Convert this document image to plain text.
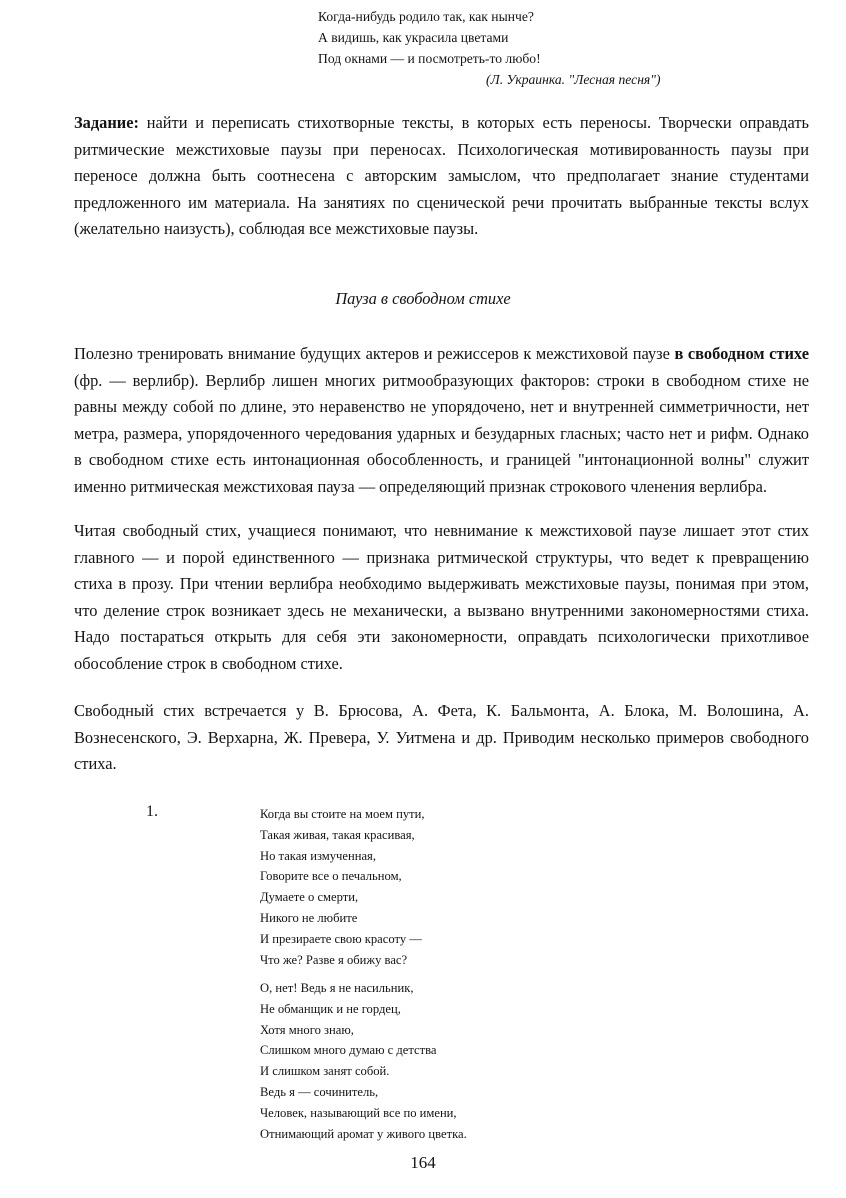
Когда-нибудь родило так, как нынче?
А видишь, как украсила цветами
Под окнами — и посмотреть-то любо!
(Л. Украинка. "Лесная песня")
Задание: найти и переписать стихотворные тексты, в которых есть переносы. Творчески оправдать ритмические межстиховые паузы при переносах. Психологическая мотивированность паузы при переносе должна быть соотнесена с авторским замыслом, что предполагает знание студентами предложенного им материала. На занятиях по сценической речи прочитать выбранные тексты вслух (желательно наизусть), соблюдая все межстиховые паузы.
Пауза в свободном стихе
Полезно тренировать внимание будущих актеров и режиссеров к межстиховой паузе в свободном стихе (фр. — верлибр). Верлибр лишен многих ритмообразующих факторов: строки в свободном стихе не равны между собой по длине, это неравенство не упорядочено, нет и внутренней симметричности, нет метра, размера, упорядоченного чередования ударных и безударных гласных; часто нет и рифм. Однако в свободном стихе есть интонационная обособленность, и границей "интонационной волны" служит именно ритмическая межстиховая пауза — определяющий признак строкового членения верлибра.
Читая свободный стих, учащиеся понимают, что невнимание к межстиховой паузе лишает этот стих главного — и порой единственного — признака ритмической структуры, что ведет к превращению стиха в прозу. При чтении верлибра необходимо выдерживать межстиховые паузы, понимая при этом, что деление строк возникает здесь не механически, а вызвано внутренними закономерностями стиха. Надо постараться открыть для себя эти закономерности, оправдать психологически прихотливое обособление строк в свободном стихе.
Свободный стих встречается у В. Брюсова, А. Фета, К. Бальмонта, А. Блока, М. Волошина, А. Вознесенского, Э. Верхарна, Ж. Превера, У. Уитмена и др. Приводим несколько примеров свободного стиха.
1.	Когда вы стоите на моем пути,
Такая живая, такая красивая,
Но такая измученная,
Говорите все о печальном,
Думаете о смерти,
Никого не любите
И презираете свою красоту —
Что же? Разве я обижу вас?
О, нет! Ведь я не насильник,
Не обманщик и не гордец,
Хотя много знаю,
Слишком много думаю с детства
И слишком занят собой.
Ведь я — сочинитель,
Человек, называющий все по имени,
Отнимающий аромат у живого цветка.
164
